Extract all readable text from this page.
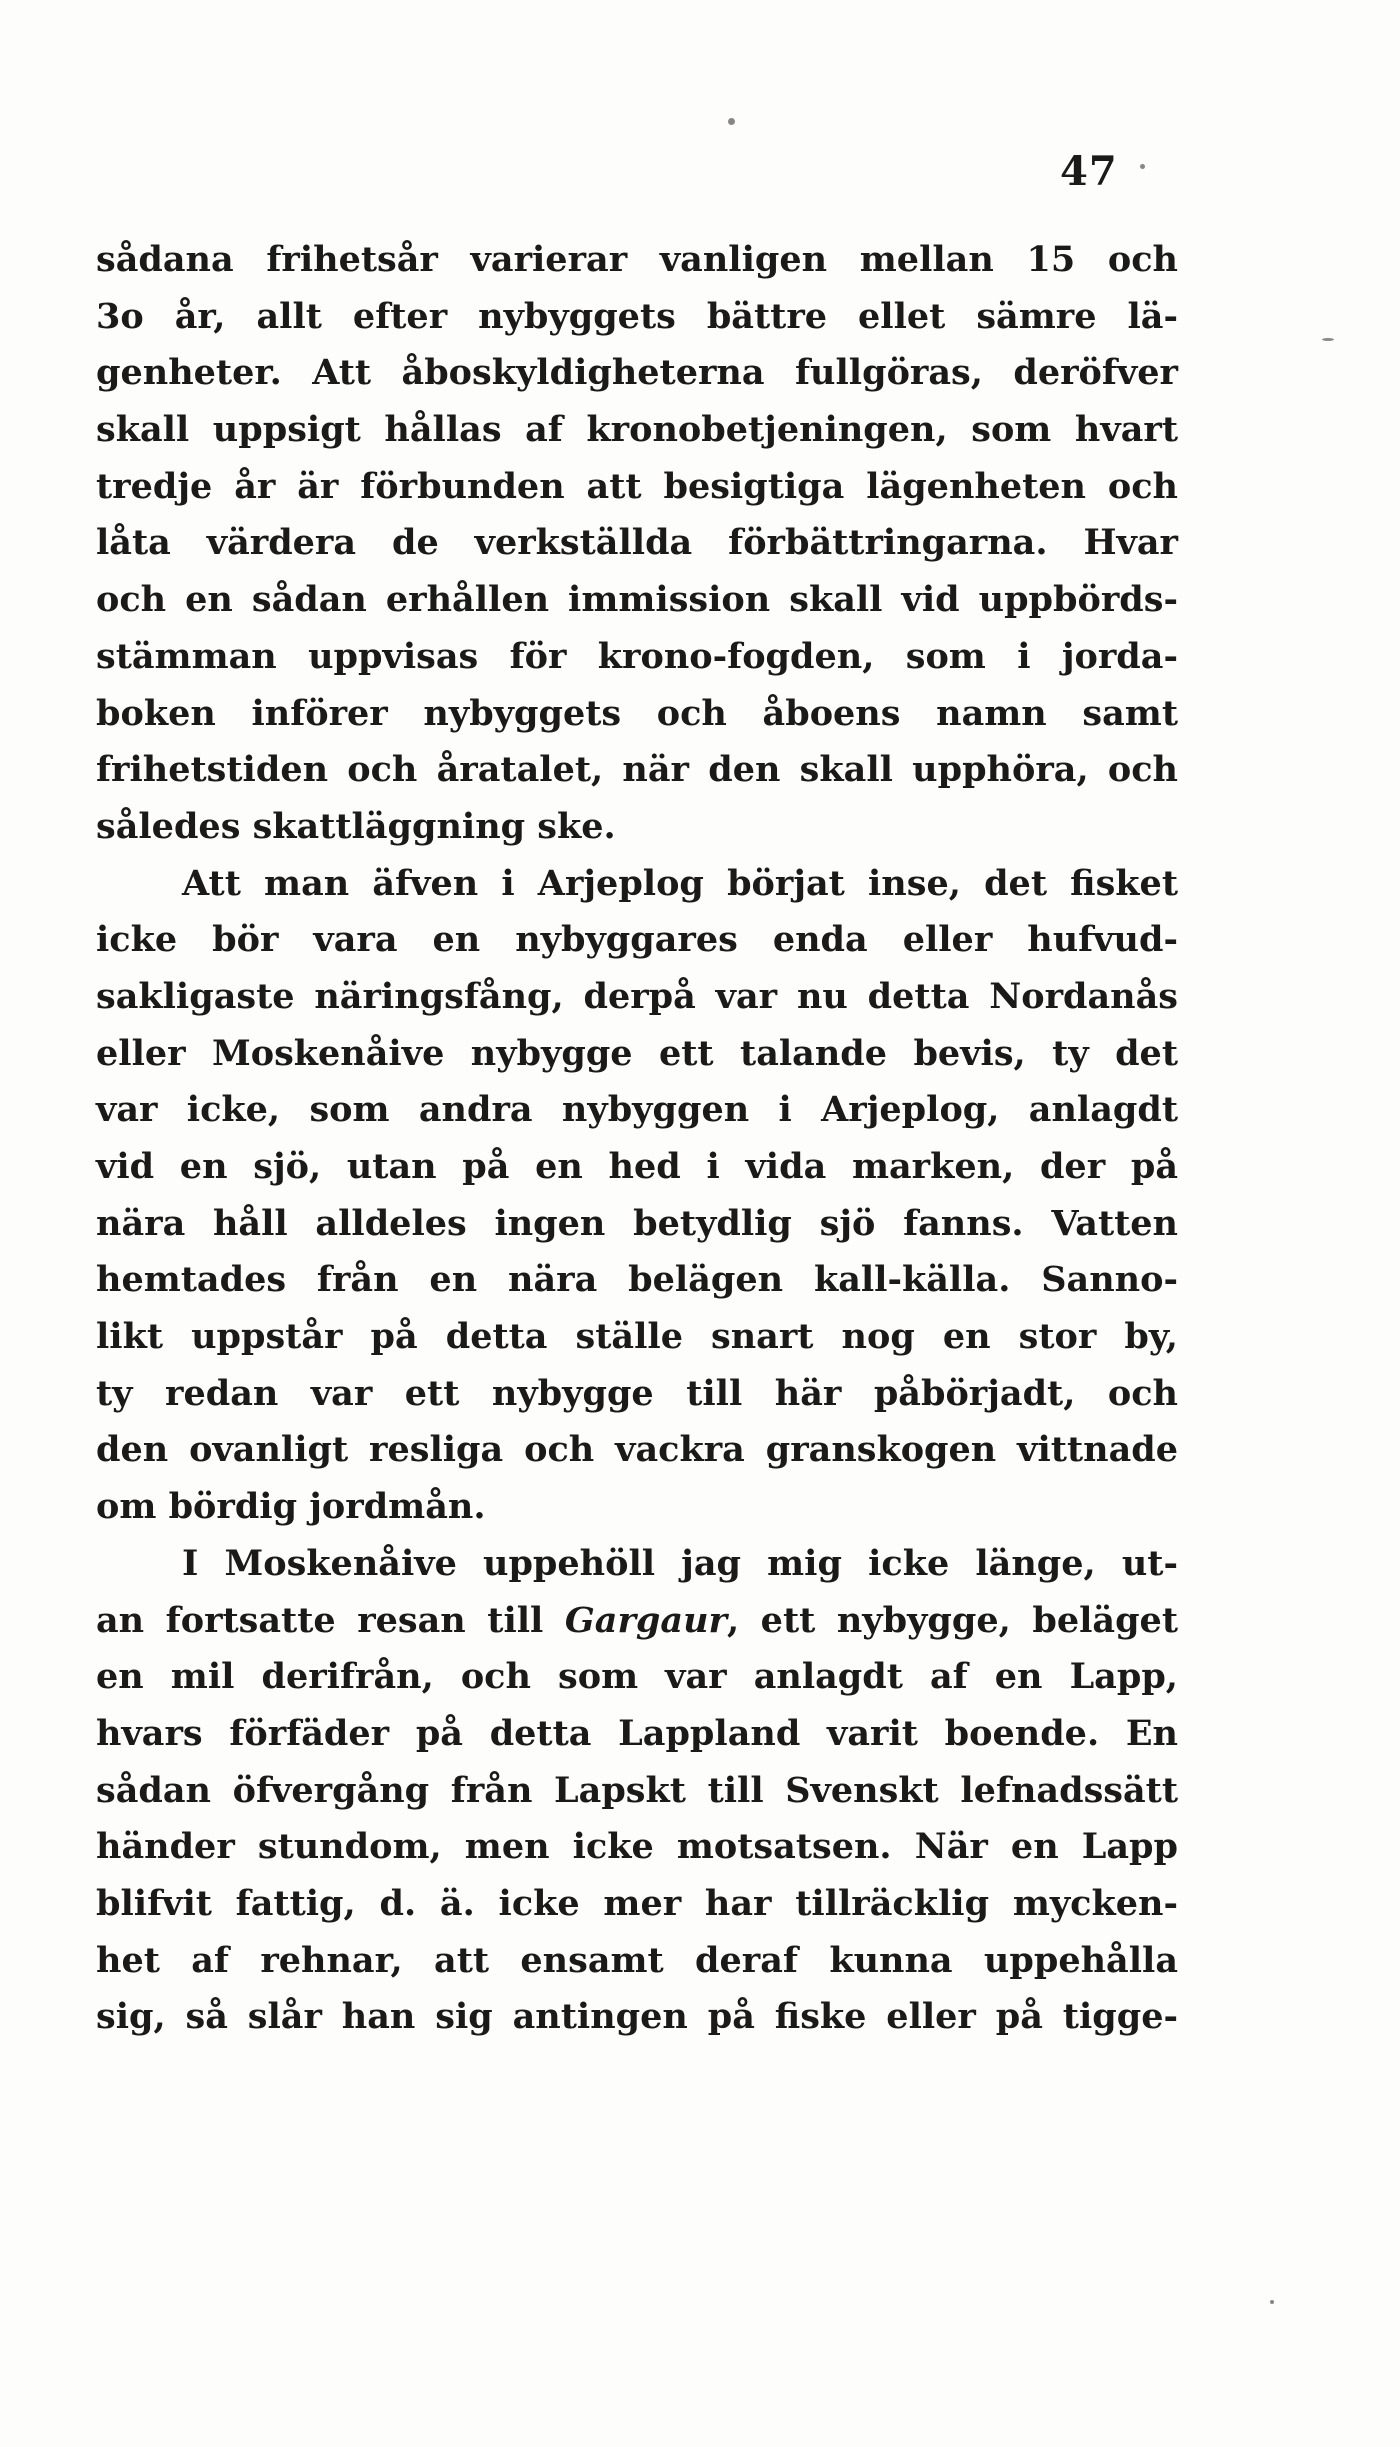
47
sådana frihetsår varierar vanligen mellan 15 och
3o år, allt efter nybyggets bättre ellet sämre lä-
genheter. Att åboskyldigheterna fullgöras, deröfver
skall uppsigt hållas af kronobetjeningen, som hvart
tredje år är förbunden att besigtiga lägenheten och
låta värdera de verkställda förbättringarna. Hvar
och en sådan erhållen immission skall vid uppbörds-
stämman uppvisas för krono-fogden, som i jorda-
boken införer nybyggets och åboens namn samt
frihetstiden och åratalet, när den skall upphöra, och
således skattläggning ske.
Att man äfven i Arjeplog börjat inse, det fisket
icke bör vara en nybyggares enda eller hufvud-
sakligaste näringsfång, derpå var nu detta Nordanås
eller Moskenåive nybygge ett talande bevis, ty det
var icke, som andra nybyggen i Arjeplog, anlagdt
vid en sjö, utan på en hed i vida marken, der på
nära håll alldeles ingen betydlig sjö fanns. Vatten
hemtades från en nära belägen kall-källa. Sanno-
likt uppstår på detta ställe snart nog en stor by,
ty redan var ett nybygge till här påbörjadt, och
den ovanligt resliga och vackra granskogen vittnade
om bördig jordmån.
I Moskenåive uppehöll jag mig icke länge, ut-
an fortsatte resan till Gargaur, ett nybygge, beläget
en mil derifrån, och som var anlagdt af en Lapp,
hvars förfäder på detta Lappland varit boende. En
sådan öfvergång från Lapskt till Svenskt lefnadssätt
händer stundom, men icke motsatsen. När en Lapp
blifvit fattig, d. ä. icke mer har tillräcklig mycken-
het af rehnar, att ensamt deraf kunna uppehålla
sig, så slår han sig antingen på fiske eller på tigge-
